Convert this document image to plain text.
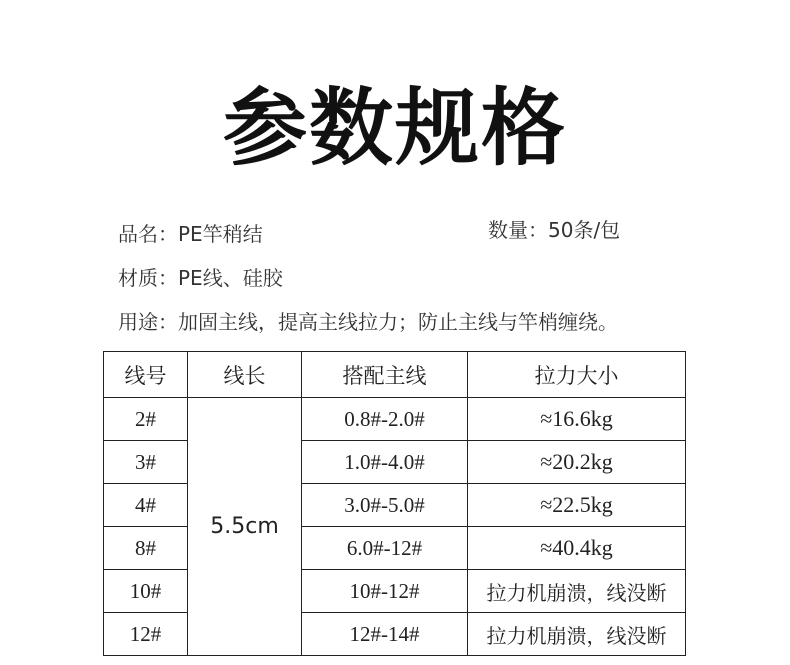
参数规格
品名：PE竿稍结	数量：50条/包
材质：PE线、硅胶
用途：加固主线，提高主线拉力；防止主线与竿梢缠绕。
线号	线长	搭配主线	拉力大小
2#	5.5cm	0.8#-2.0#	≈16.6kg
3#		1.0#-4.0#	≈20.2kg
4#		3.0#-5.0#	≈22.5kg
8#		6.0#-12#	≈40.4kg
10#		10#-12#	拉力机崩溃，线没断
12#		12#-14#	拉力机崩溃，线没断
